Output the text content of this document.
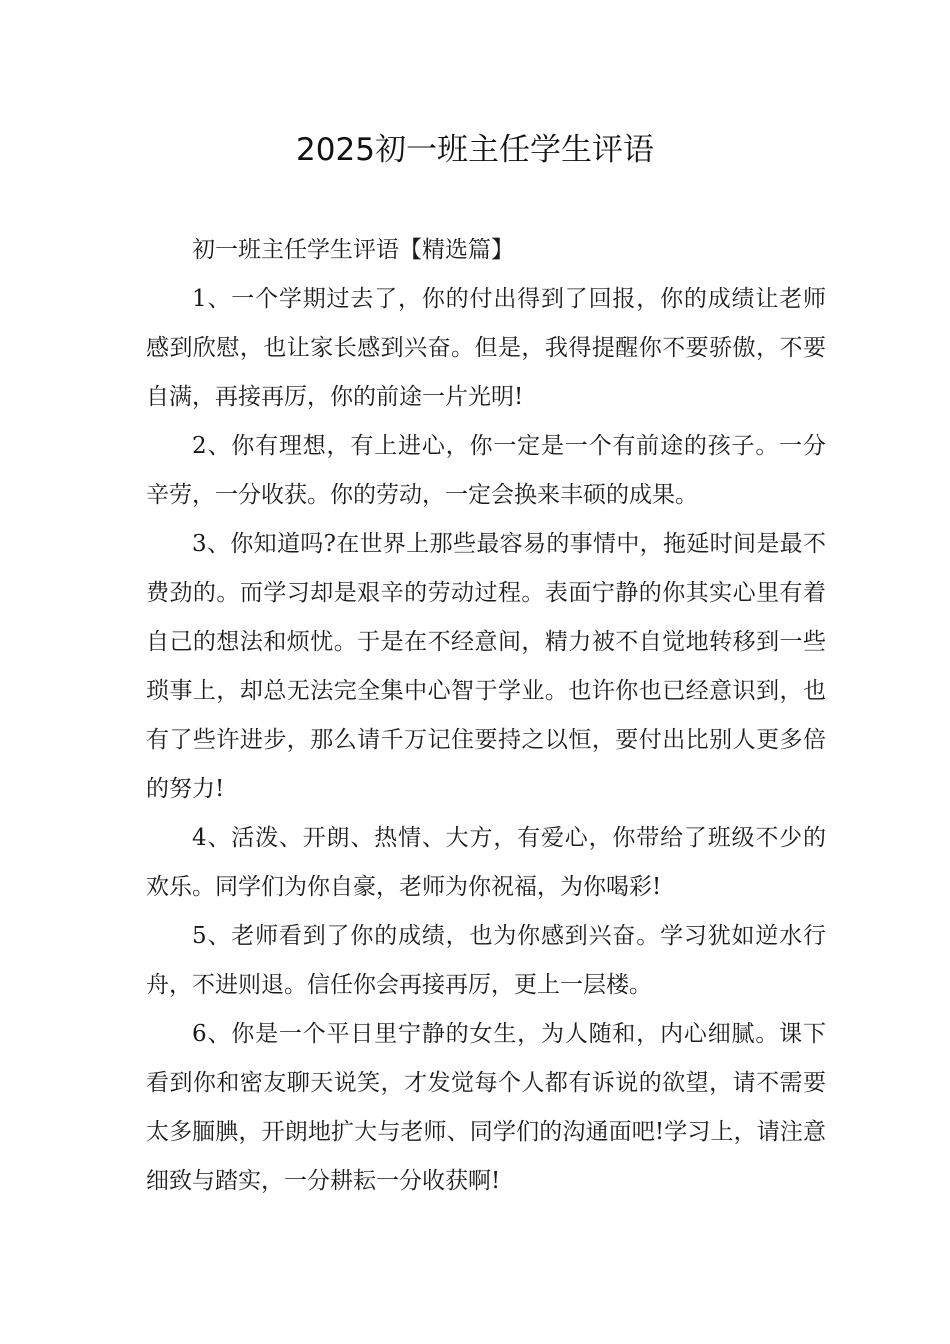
2025初一班主任学生评语

初一班主任学生评语【精选篇】

1、一个学期过去了，你的付出得到了回报，你的成绩让老师感到欣慰，也让家长感到兴奋。但是，我得提醒你不要骄傲，不要自满，再接再厉，你的前途一片光明!

2、你有理想，有上进心，你一定是一个有前途的孩子。一分辛劳，一分收获。你的劳动，一定会换来丰硕的成果。

3、你知道吗?在世界上那些最容易的事情中，拖延时间是最不费劲的。而学习却是艰辛的劳动过程。表面宁静的你其实心里有着自己的想法和烦忧。于是在不经意间，精力被不自觉地转移到一些琐事上，却总无法完全集中心智于学业。也许你也已经意识到，也有了些许进步，那么请千万记住要持之以恒，要付出比别人更多倍的努力!

4、活泼、开朗、热情、大方，有爱心，你带给了班级不少的欢乐。同学们为你自豪，老师为你祝福，为你喝彩!

5、老师看到了你的成绩，也为你感到兴奋。学习犹如逆水行舟，不进则退。信任你会再接再厉，更上一层楼。

6、你是一个平日里宁静的女生，为人随和，内心细腻。课下看到你和密友聊天说笑，才发觉每个人都有诉说的欲望，请不需要太多腼腆，开朗地扩大与老师、同学们的沟通面吧!学习上，请注意细致与踏实，一分耕耘一分收获啊!
